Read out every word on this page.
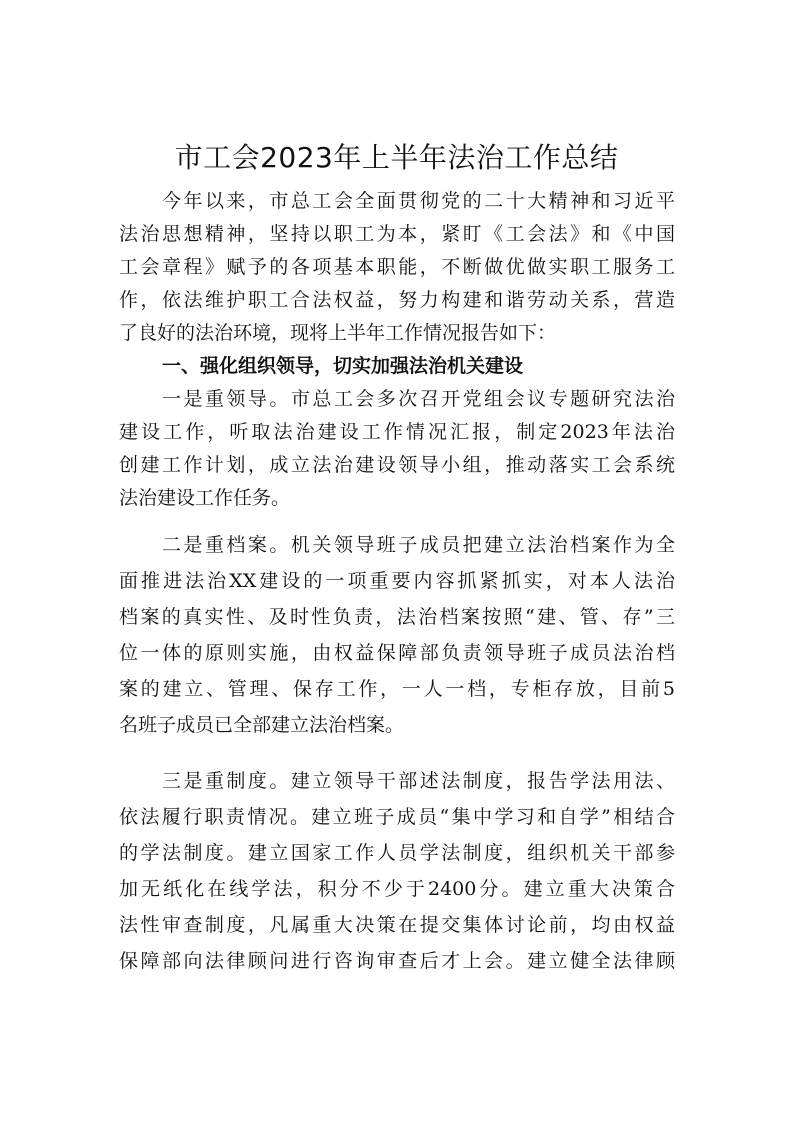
市工会2023年上半年法治工作总结
今年以来，市总工会全面贯彻党的二十大精神和习近平
法治思想精神，坚持以职工为本，紧盯《工会法》和《中国
工会章程》赋予的各项基本职能，不断做优做实职工服务工
作，依法维护职工合法权益，努力构建和谐劳动关系，营造
了良好的法治环境，现将上半年工作情况报告如下：
一、强化组织领导，切实加强法治机关建设
一是重领导。市总工会多次召开党组会议专题研究法治
建设工作，听取法治建设工作情况汇报，制定2023年法治
创建工作计划，成立法治建设领导小组，推动落实工会系统
法治建设工作任务。
二是重档案。机关领导班子成员把建立法治档案作为全
面推进法治XX建设的一项重要内容抓紧抓实，对本人法治
档案的真实性、及时性负责，法治档案按照“建、管、存”三
位一体的原则实施，由权益保障部负责领导班子成员法治档
案的建立、管理、保存工作，一人一档，专柜存放，目前5
名班子成员已全部建立法治档案。
三是重制度。建立领导干部述法制度，报告学法用法、
依法履行职责情况。建立班子成员“集中学习和自学”相结合
的学法制度。建立国家工作人员学法制度，组织机关干部参
加无纸化在线学法，积分不少于2400分。建立重大决策合
法性审查制度，凡属重大决策在提交集体讨论前，均由权益
保障部向法律顾问进行咨询审查后才上会。建立健全法律顾
